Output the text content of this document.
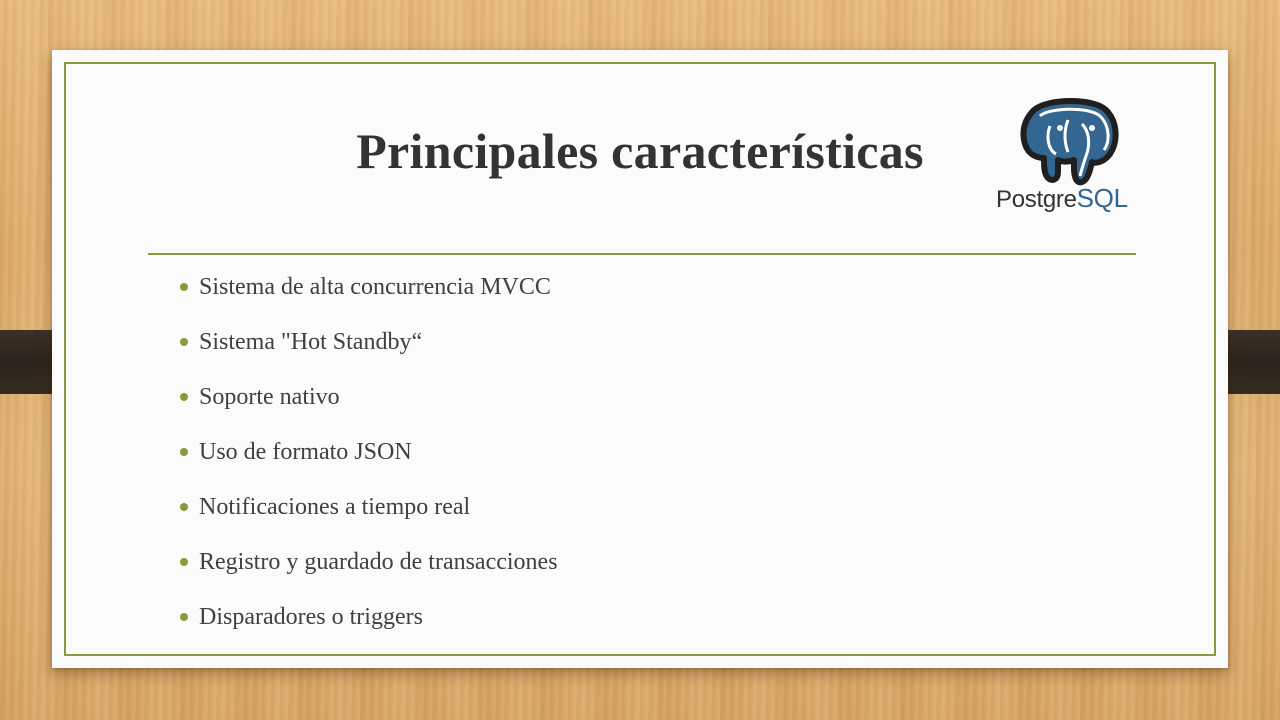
Principales características
PostgreSQL
Sistema de alta concurrencia MVCC
Sistema "Hot Standby“
Soporte nativo
Uso de formato JSON
Notificaciones a tiempo real
Registro y guardado de transacciones
Disparadores o triggers
